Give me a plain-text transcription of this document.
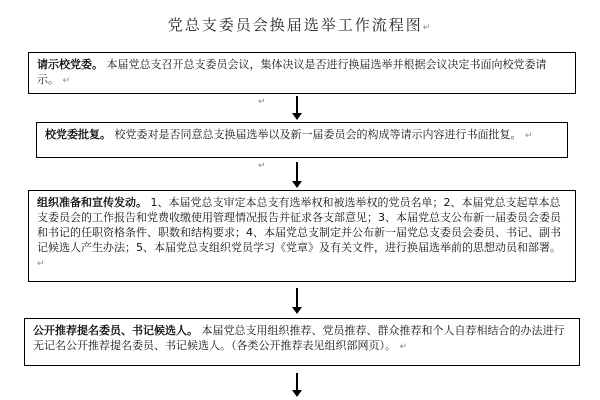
党总支委员会换届选举工作流程图↵
请示校党委。 本届党总支召开总支委员会议，集体决议是否进行换届选举并根据会议决定书面向校党委请示。 ↵
↵
校党委批复。 校党委对是否同意总支换届选举以及新一届委员会的构成等请示内容进行书面批复。 ↵
↵
组织准备和宣传发动。 1、本届党总支审定本总支有选举权和被选举权的党员名单；2、本届党总支起草本总支委员会的工作报告和党费收缴使用管理情况报告并征求各支部意见；3、本届党总支公布新一届委员会委员和书记的任职资格条件、职数和结构要求；4、本届党总支制定并公布新一届党总支委员会委员、书记、副书记候选人产生办法；5、本届党总支组织党员学习《党章》及有关文件，进行换届选举前的思想动员和部署。 ↵
公开推荐提名委员、书记候选人。 本届党总支用组织推荐、党员推荐、群众推荐和个人自荐相结合的办法进行无记名公开推荐提名委员、书记候选人。（各类公开推荐表见组织部网页）。 ↵
